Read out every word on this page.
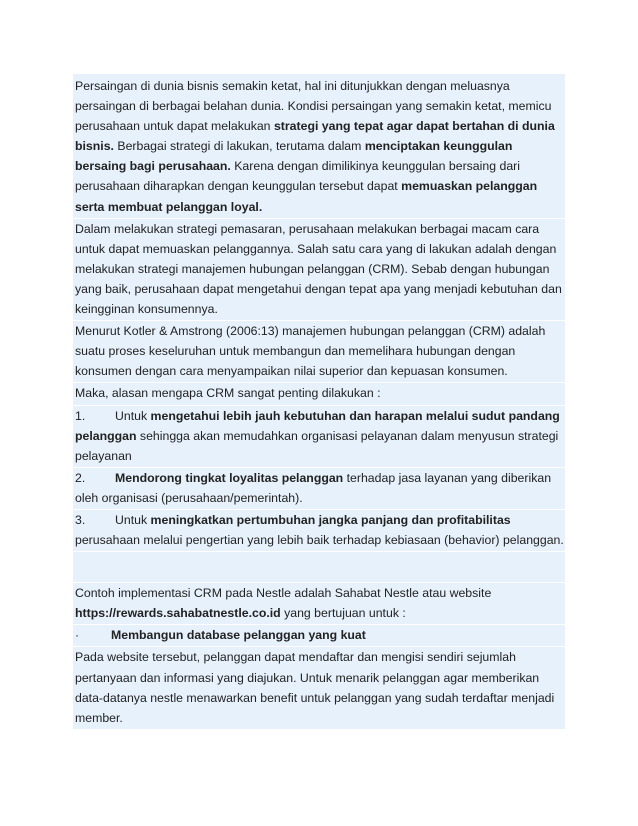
Persaingan di dunia bisnis semakin ketat, hal ini ditunjukkan dengan meluasnya persaingan di berbagai belahan dunia. Kondisi persaingan yang semakin ketat, memicu perusahaan untuk dapat melakukan strategi yang tepat agar dapat bertahan di dunia bisnis. Berbagai strategi di lakukan, terutama dalam menciptakan keunggulan bersaing bagi perusahaan. Karena dengan dimilikinya keunggulan bersaing dari perusahaan diharapkan dengan keunggulan tersebut dapat memuaskan pelanggan serta membuat pelanggan loyal.
Dalam melakukan strategi pemasaran, perusahaan melakukan berbagai macam cara untuk dapat memuaskan pelanggannya. Salah satu cara yang di lakukan adalah dengan melakukan strategi manajemen hubungan pelanggan (CRM). Sebab dengan hubungan yang baik, perusahaan dapat mengetahui dengan tepat apa yang menjadi kebutuhan dan keingginan konsumennya.
Menurut Kotler & Amstrong (2006:13) manajemen hubungan pelanggan (CRM) adalah suatu proses keseluruhan untuk membangun dan memelihara hubungan dengan konsumen dengan cara menyampaikan nilai superior dan kepuasan konsumen.
Maka, alasan mengapa CRM sangat penting dilakukan :
1. Untuk mengetahui lebih jauh kebutuhan dan harapan melalui sudut pandang pelanggan sehingga akan memudahkan organisasi pelayanan dalam menyusun strategi pelayanan
2. Mendorong tingkat loyalitas pelanggan terhadap jasa layanan yang diberikan oleh organisasi (perusahaan/pemerintah).
3. Untuk meningkatkan pertumbuhan jangka panjang dan profitabilitas perusahaan melalui pengertian yang lebih baik terhadap kebiasaan (behavior) pelanggan.
Contoh implementasi CRM pada Nestle adalah Sahabat Nestle atau website https://rewards.sahabatnestle.co.id yang bertujuan untuk :
·	Membangun database pelanggan yang kuat
Pada website tersebut, pelanggan dapat mendaftar dan mengisi sendiri sejumlah pertanyaan dan informasi yang diajukan. Untuk menarik pelanggan agar memberikan data-datanya nestle menawarkan benefit untuk pelanggan yang sudah terdaftar menjadi member.
